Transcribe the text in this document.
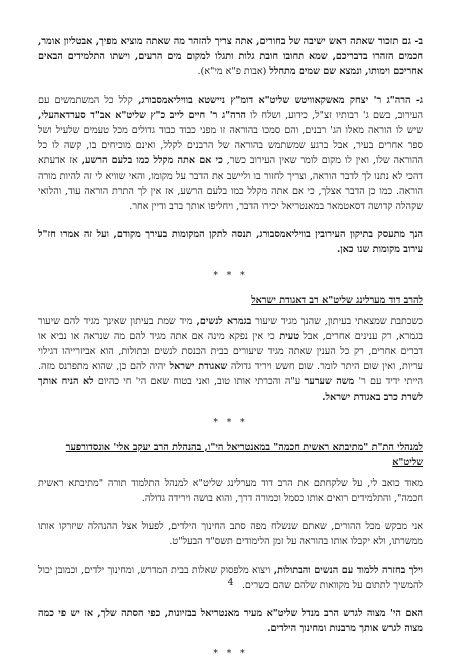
ב- גם תזכור שאתה ראש ישיבה של בחורים, אתה צריך להזהר מה שאתה מוציא מפיך, אבטליון אומר, חכמים הזהרו בדבריכם, שמא תחובו חובת גלות ותגלו למקום מים הרעים, וישתו התלמידים הבאים אחריכם וימותו, ונמצא שם שמים מתחלל (אבות פ"א מי"א).

ג- הרה"ג ר' יצחק מאשקאוויטש שליט"א דומ"ץ ניישטא בוויליאמסבורג, קלל כל המשתמשים עם העירוב, בשם ג' רבותיו זצ"ל, כידוע, ושלח לו הרה"ג ר' חיים לייב כ"ץ שליט"א אב"ד סערדאהעלי, שיש לו הוראה מאלו הג' רבנים, והם סמכו בהוראה זו מפני כבוד כבוד גדולים מכל טעמים שלעיל ושל ספר אחרים בעיר, אבל ברגע שמשתמש בהוראה של הרבנים לקלל, ואינם מוכיחים בו, קשה לו כל ההוראה שלו, ואין לו מקום לומר שאין העירוב כשר, כי אם אתה מקלל כמו בלעם הרשע, אז אדעתא דהכי לא נתנו לך לדבר הוראה, וצריך לחזור בו וליישב את הדבר על מקומו, והאי שוויא לי זה להיות מורה הוראה. כמו כן הדבר אצלך, כי אם אתה מקלל כמו בלעם הרשע, אז אין לך התרת הוראה עוד, והלואי שקהלה קדושה דסאטמאר במאנטריאל יכירו הדבר, ויחליפו אותך ברב ודיין אחר.

הנך מתעסק בתיקון העירובין בוויליאמסבורג, תנסה לתקן המקומות בעירך מקודם, ועל זה אמרו חז"ל עירוב מקומות שנו כאן.

* * *
להרב דוד מערלינג שליט"א רב דאגודת ישראל

כשכתבת שמצאתי בעיתון, שהנך מגיד שיעור בגמרא לנשים, מיד שמת בעיתון שאינך מגיד להם שיעור בגמרא, רק ענינים אחרים, אבל טעית כי אין נפקא מינה אם אתה מגיד להם מה שנראה או נביא או דברים אחרים, רק כל הענין שאתה מגיד שיעורים בבית הכנסת לנשים ובתולות, הוא אביזרייהו דגילוי עריות, ואין שום היתר לומר. שום חשש ויריד גדולה שאגודת ישראל יהיה להם כן, שהוא מתפרנס מזה. הייתי ידיד עם ר' משה שערער ע"ה והכרתי אותו טוב, ואני בטוח שאם הי' חי כהיום לא הניח אותך לשרת כרב באגודת ישראל.

* * *
למנהלי הת"ת "מתיבתא ראשית חכמה" במאנטריאל הי"ו, בהנהלת הרב יעקב אלי' אונסדורפער שליט"א

מאוד כואב לי, על שלקחתם את הרב דוד מערלינג שליט"א למנהל התלמוד תורה "מתיבתא ראשית חכמה", והתלמידים רואים אותו כסמל וכמורה דרך, והוא בושה וירידה גדולה.

אני מבקש מכל ההורים, שאתם שנשלח מפה סתב החינוך הילדים, לפעול אצל ההנהלה שיזרקו אותו ממשרתו, ולא יקבלו אותו בהוראה על זמן הלימודים תשס"ד הבעל"ט.

וילך בחזרה ללמוד עם הנשים והבתולות, ויצוא מלפסוק שאלות בבית המדרש, ומחינוך ילדים, וכמובן יכול להמשיך לתתום על מקוואות שלהם שהם כשרים.

האם הי' מצוה לגרש הרב מנדל שליט"א מעיר מאנטריאל בבזיונות, כפי הסתה שלך, אז יש פי כמה מצוה לגרש אותך מרבנות ומחינוך הילדים.

* * *
4
